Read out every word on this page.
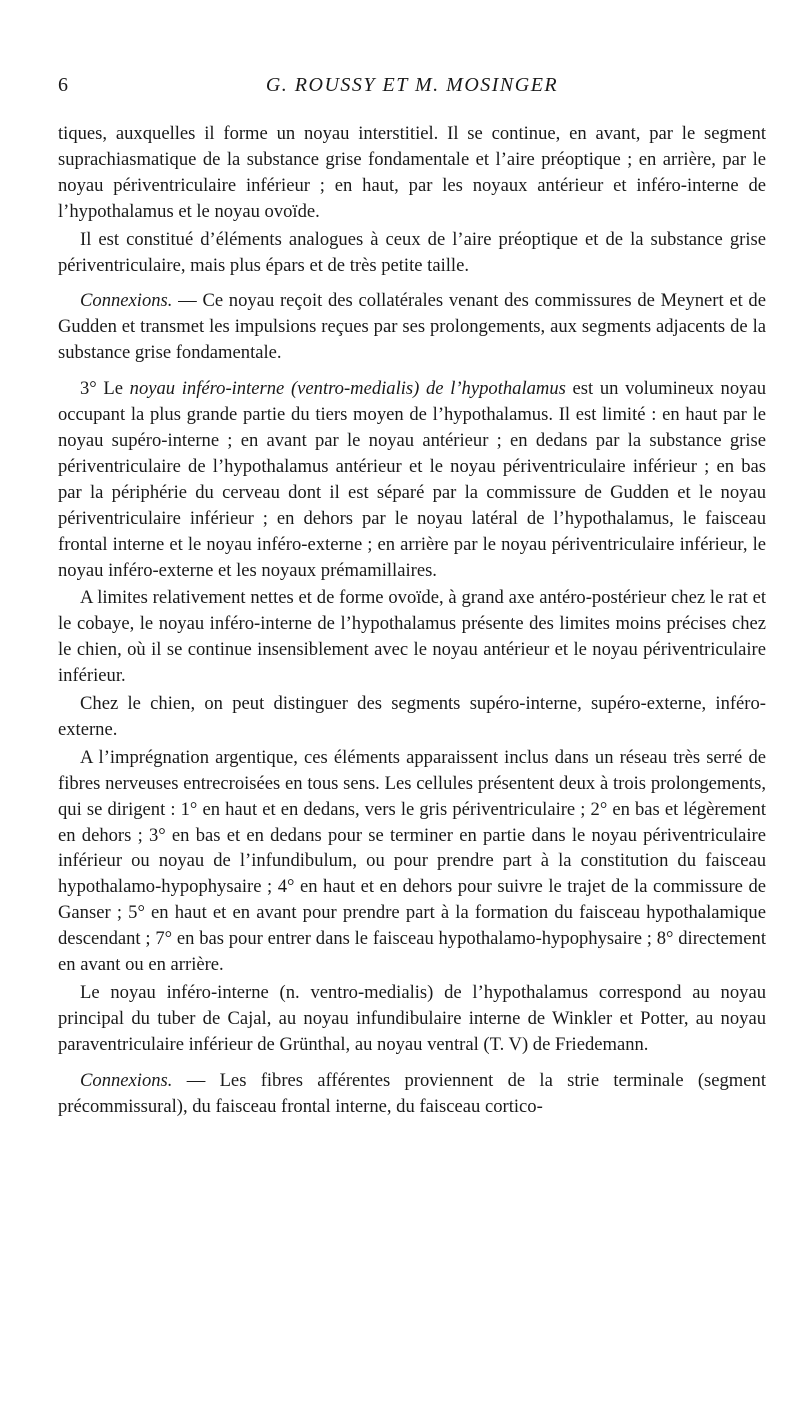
6	G. ROUSSY ET M. MOSINGER

tiques, auxquelles il forme un noyau interstitiel. Il se continue, en avant, par le segment suprachiasmatique de la substance grise fondamentale et l’aire préoptique ; en arrière, par le noyau périventriculaire inférieur ; en haut, par les noyaux antérieur et inféro-interne de l’hypothalamus et le noyau ovoïde.

Il est constitué d’éléments analogues à ceux de l’aire préoptique et de la substance grise périventriculaire, mais plus épars et de très petite taille.

Connexions. — Ce noyau reçoit des collatérales venant des commissures de Meynert et de Gudden et transmet les impulsions reçues par ses prolongements, aux segments adjacents de la substance grise fondamentale.

3° Le noyau inféro-interne (ventro-medialis) de l’hypothalamus est un volumineux noyau occupant la plus grande partie du tiers moyen de l’hypothalamus. Il est limité : en haut par le noyau supéro-interne ; en avant par le noyau antérieur ; en dedans par la substance grise périventriculaire de l’hypothalamus antérieur et le noyau périventriculaire inférieur ; en bas par la périphérie du cerveau dont il est séparé par la commissure de Gudden et le noyau périventriculaire inférieur ; en dehors par le noyau latéral de l’hypothalamus, le faisceau frontal interne et le noyau inféro-externe ; en arrière par le noyau périventriculaire inférieur, le noyau inféro-externe et les noyaux prémamillaires.

A limites relativement nettes et de forme ovoïde, à grand axe antéro-postérieur chez le rat et le cobaye, le noyau inféro-interne de l’hypothalamus présente des limites moins précises chez le chien, où il se continue insensiblement avec le noyau antérieur et le noyau périventriculaire inférieur.

Chez le chien, on peut distinguer des segments supéro-interne, supéro-externe, inféro-externe.

A l’imprégnation argentique, ces éléments apparaissent inclus dans un réseau très serré de fibres nerveuses entrecroisées en tous sens. Les cellules présentent deux à trois prolongements, qui se dirigent : 1° en haut et en dedans, vers le gris périventriculaire ; 2° en bas et légèrement en dehors ; 3° en bas et en dedans pour se terminer en partie dans le noyau périventriculaire inférieur ou noyau de l’infundibulum, ou pour prendre part à la constitution du faisceau hypothalamo-hypophysaire ; 4° en haut et en dehors pour suivre le trajet de la commissure de Ganser ; 5° en haut et en avant pour prendre part à la formation du faisceau hypothalamique descendant ; 7° en bas pour entrer dans le faisceau hypothalamo-hypophysaire ; 8° directement en avant ou en arrière.

Le noyau inféro-interne (n. ventro-medialis) de l’hypothalamus correspond au noyau principal du tuber de Cajal, au noyau infundibulaire interne de Winkler et Potter, au noyau paraventriculaire inférieur de Grünthal, au noyau ventral (T. V) de Friedemann.

Connexions. — Les fibres afférentes proviennent de la strie terminale (segment précommissural), du faisceau frontal interne, du faisceau cortico-
